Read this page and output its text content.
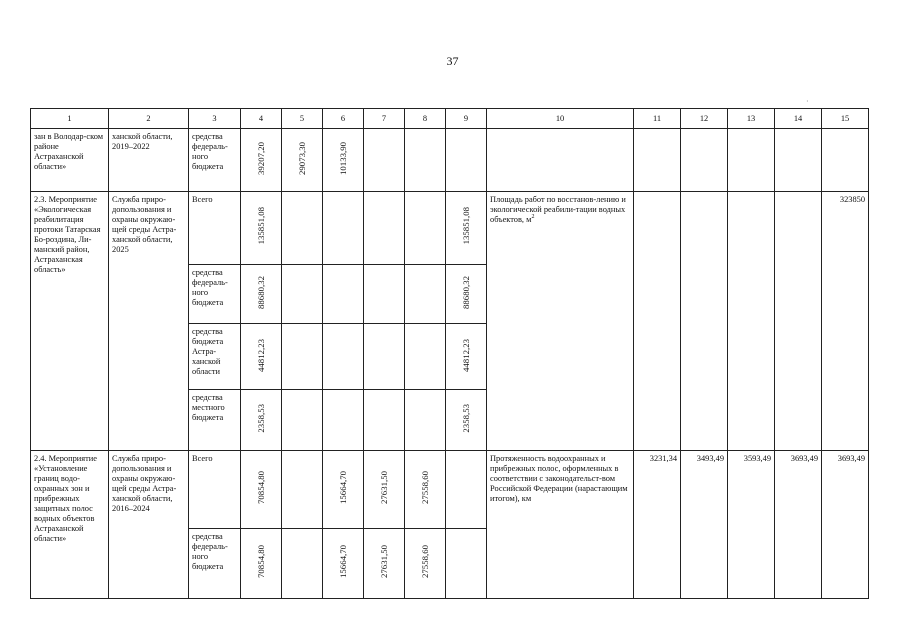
37
·
1	2	3	4	5	6	7	8	9	10	11	12	13	14	15
зан в Володар-ском районе Астраханской области»	ханской области, 2019–2022	средства федераль-ного бюджета	39207,20	29073,30	10133,90									
2.3. Мероприятие «Экологическая реабилитация протоки Татарская Бо-роздина, Ли-манский район, Астраханская область»	Служба приро-допользования и охраны окружаю-щей среды Астра-ханской области, 2025	Всего	135851,08					135851,08	Площадь работ по восстанов-лению и экологической реабили-тации водных объектов, $м^2$					323850
		средства федераль-ного бюджета	88680,32					88680,32						
		средства бюджета Астра-ханской области	44812,23					44812,23						
		средства местного бюджета	2358,53					2358,53						
2.4. Мероприятие «Установление границ водо-охранных зон и прибрежных защитных полос водных объектов Астраханской области»	Служба приро-допользования и охраны окружаю-щей среды Астра-ханской области, 2016–2024	Всего	70854,80		15664,70	27631,50	27558,60		Протяженность водоохранных и прибрежных полос, оформленных в соответствии с законодательст-вом Российской Федерации (нарастающим итогом), км	3231,34	3493,49	3593,49	3693,49	3693,49
		средства федераль-ного бюджета	70854,80		15664,70	27631,50	27558,60							
